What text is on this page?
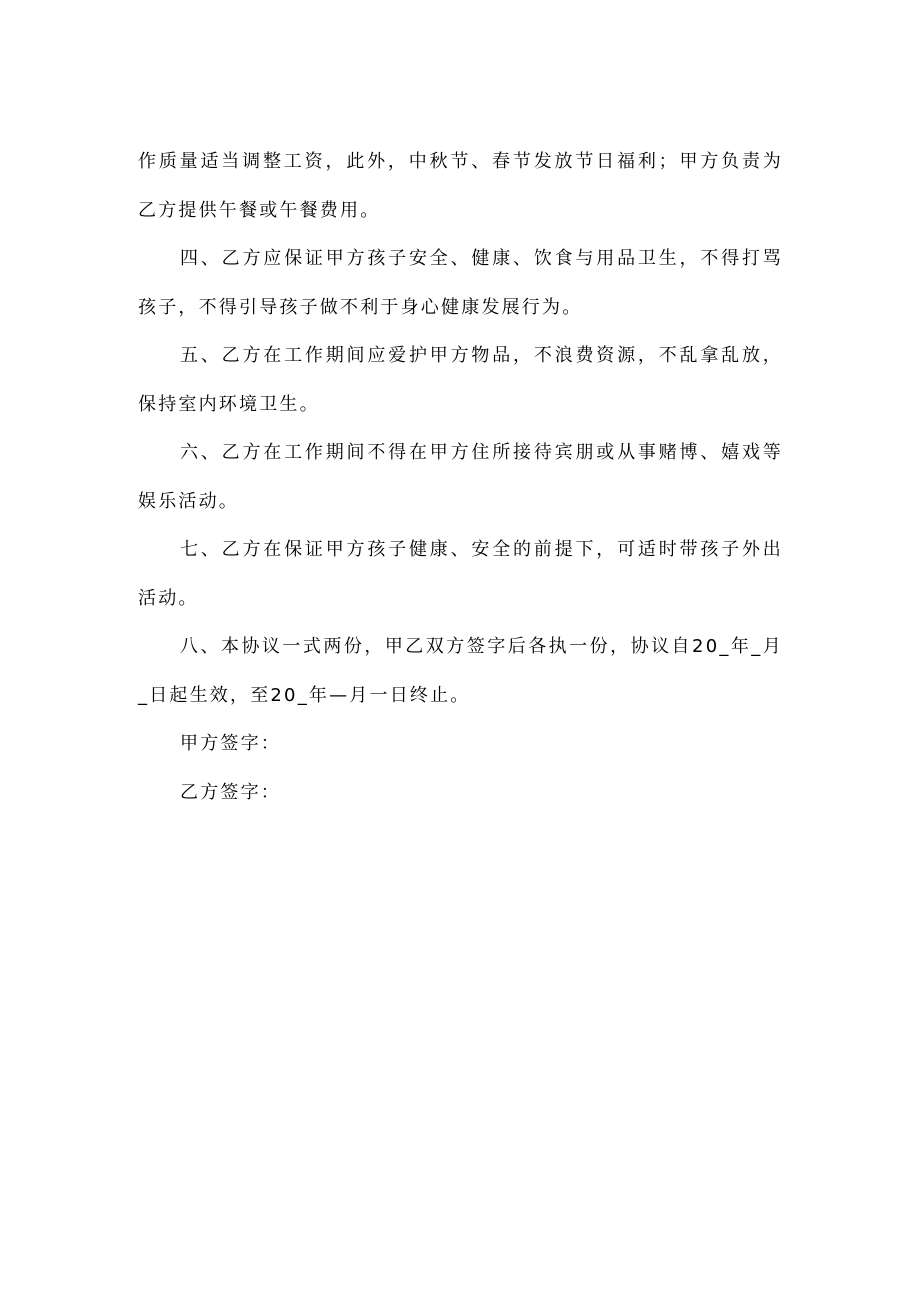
作质量适当调整工资，此外，中秋节、春节发放节日福利；甲方负责为乙方提供午餐或午餐费用。

四、乙方应保证甲方孩子安全、健康、饮食与用品卫生，不得打骂孩子，不得引导孩子做不利于身心健康发展行为。

五、乙方在工作期间应爱护甲方物品，不浪费资源，不乱拿乱放，保持室内环境卫生。

六、乙方在工作期间不得在甲方住所接待宾朋或从事赌博、嬉戏等娱乐活动。

七、乙方在保证甲方孩子健康、安全的前提下，可适时带孩子外出活动。

八、本协议一式两份，甲乙双方签字后各执一份，协议自20_年_月_日起生效，至20_年—月一日终止。

甲方签字：

乙方签字：
